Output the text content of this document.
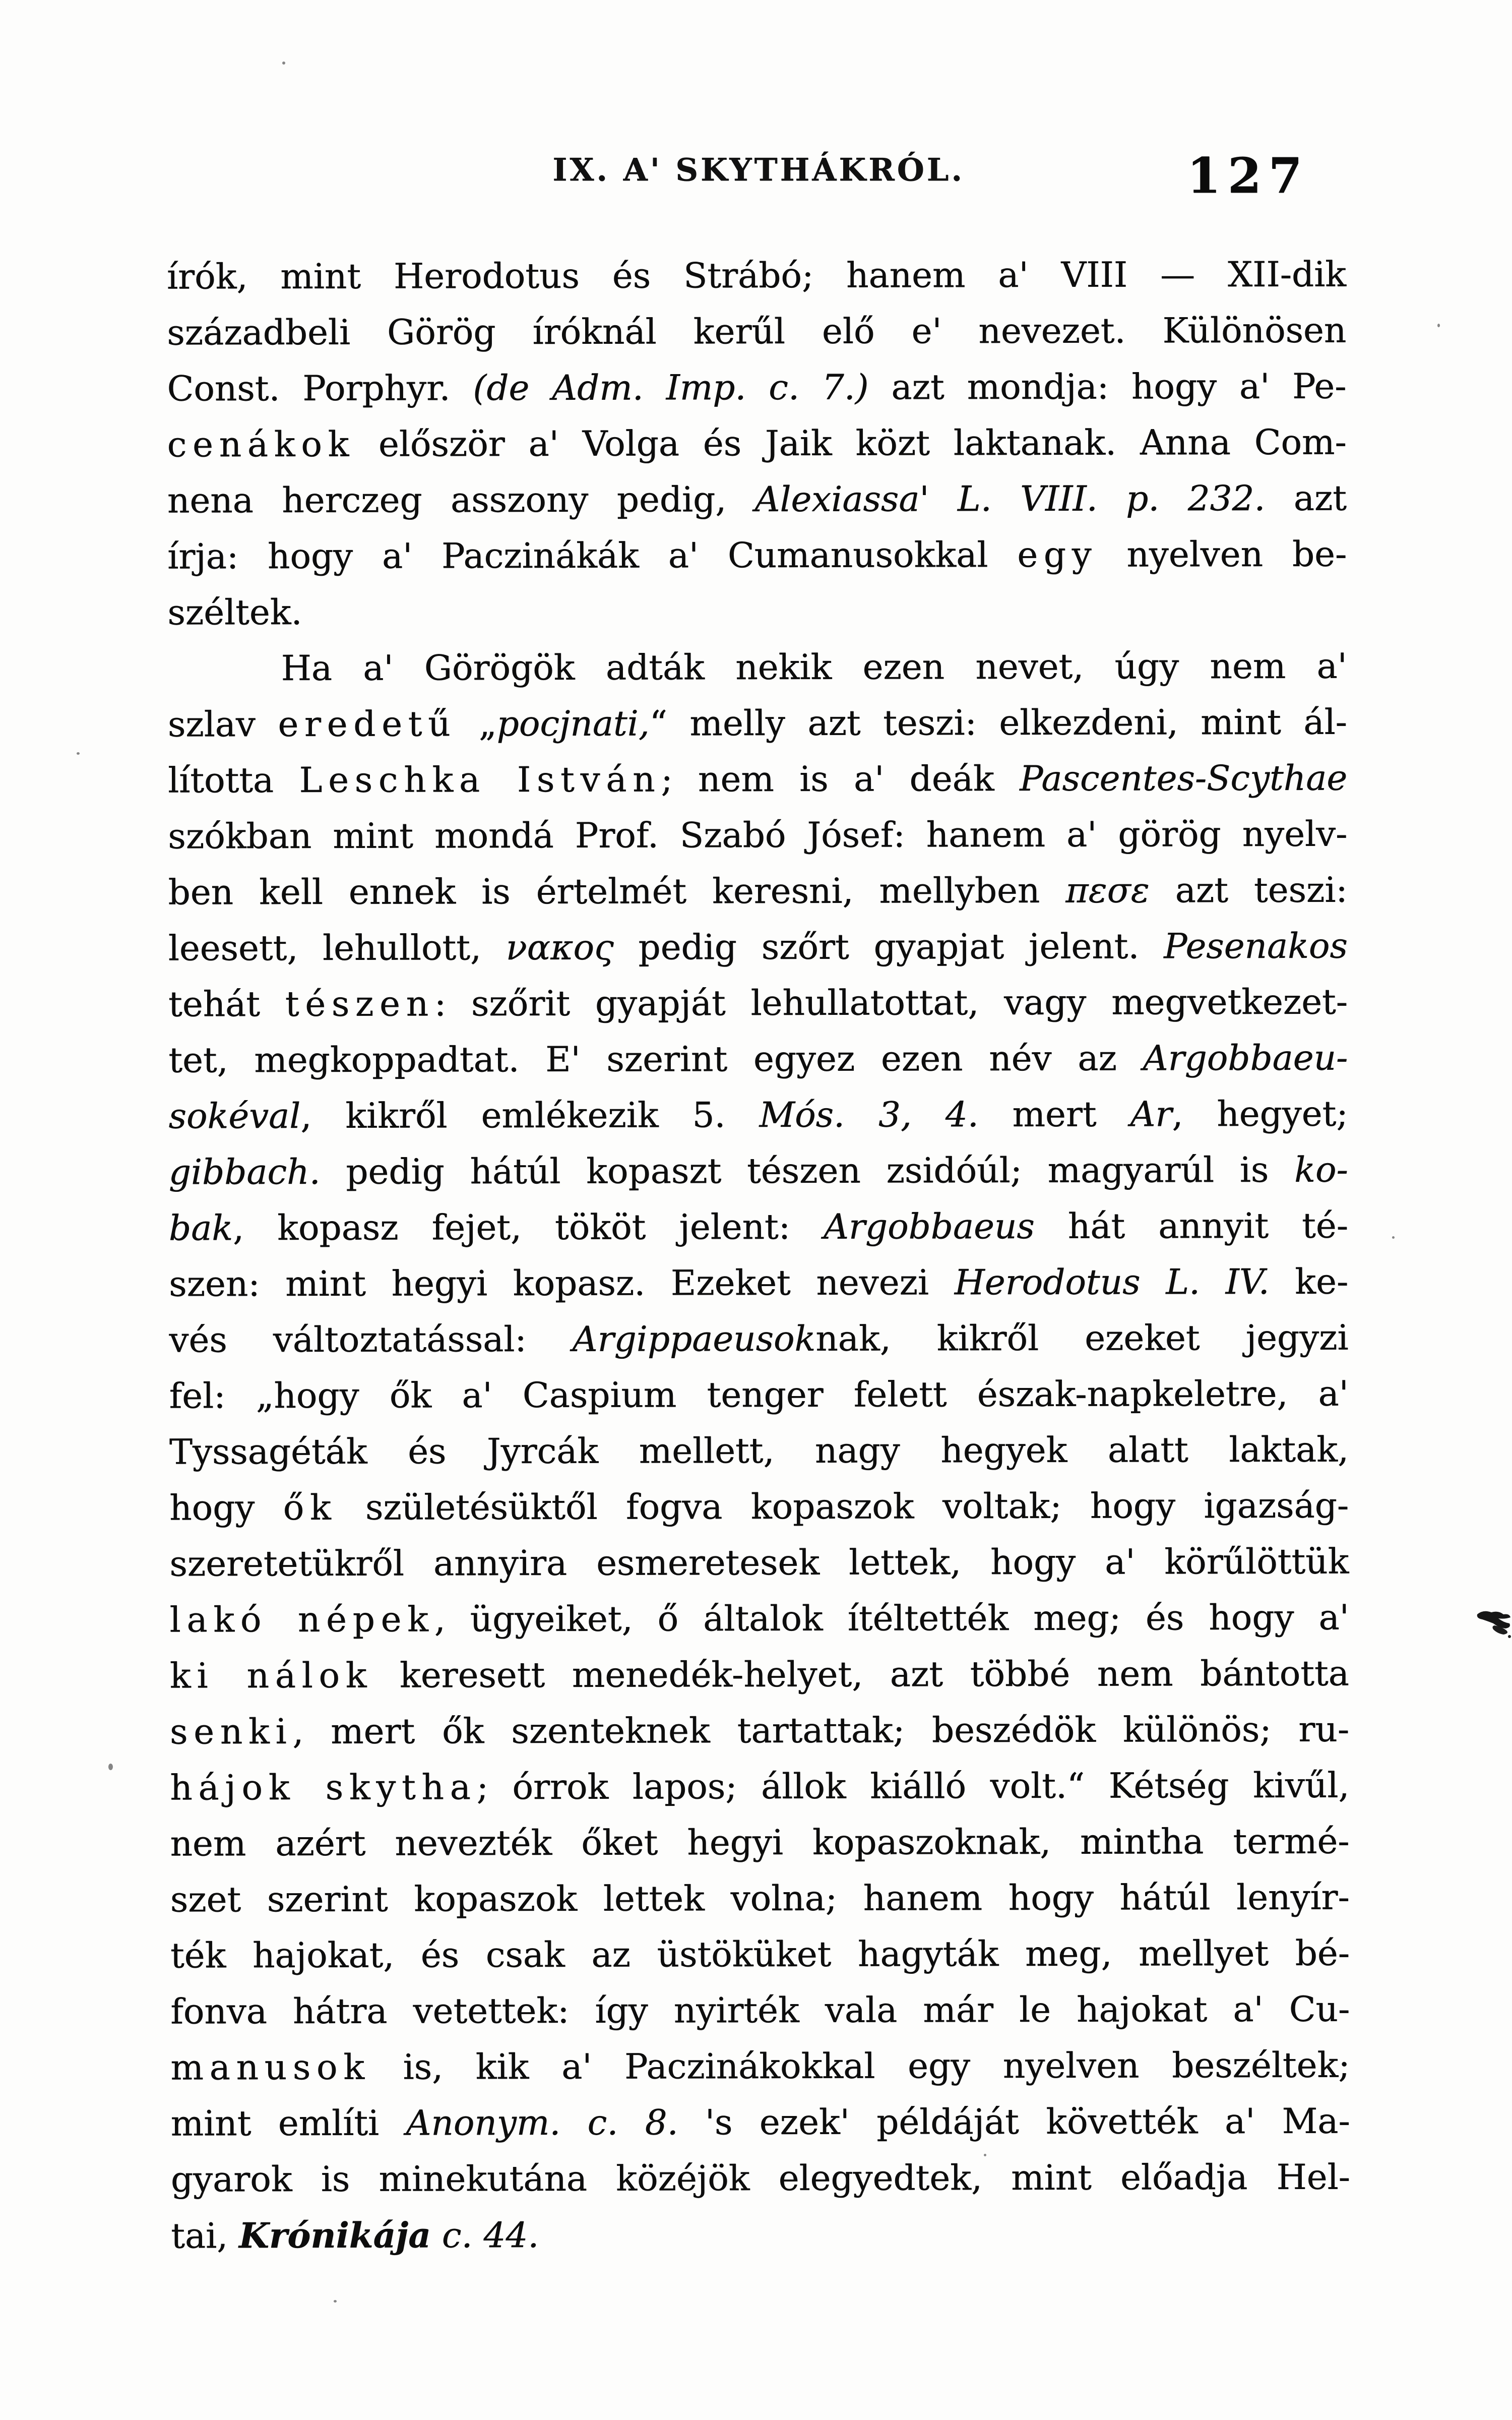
IX. A' SKYTHÁKRÓL.	127
írók, mint Herodotus és Strábó; hanem a' VIII — XII-dik
századbeli Görög íróknál kerűl elő e' nevezet. Különösen
Const. Porphyr. (de Adm. Imp. c. 7.) azt mondja: hogy a' Pe-
cenákok először a' Volga és Jaik közt laktanak. Anna Com-
nena herczeg asszony pedig, Alexiassa' L. VIII. p. 232. azt
írja: hogy a' Paczinákák a' Cumanusokkal egy nyelven be-
széltek.
Ha a' Görögök adták nekik ezen nevet, úgy nem a'
szlav eredetű „pocjnati,“ melly azt teszi: elkezdeni, mint ál-
lította Leschka István; nem is a' deák Pascentes-Scythae
szókban mint mondá Prof. Szabó Jósef: hanem a' görög nyelv-
ben kell ennek is értelmét keresni, mellyben πεσε azt teszi:
leesett, lehullott, νακος pedig szőrt gyapjat jelent. Pesenakos
tehát tészen: szőrit gyapját lehullatottat, vagy megvetkezet-
tet, megkoppadtat. E' szerint egyez ezen név az Argobbaeu-
sokéval, kikről emlékezik 5. Mós. 3, 4. mert Ar, hegyet;
gibbach. pedig hátúl kopaszt tészen zsidóúl; magyarúl is ko-
bak, kopasz fejet, tököt jelent: Argobbaeus hát annyit té-
szen: mint hegyi kopasz. Ezeket nevezi Herodotus L. IV. ke-
vés változtatással: Argippaeusoknak, kikről ezeket jegyzi
fel: „hogy ők a' Caspium tenger felett észak-napkeletre, a'
Tyssagéták és Jyrcák mellett, nagy hegyek alatt laktak,
hogy ők születésüktől fogva kopaszok voltak; hogy igazság-
szeretetükről annyira esmeretesek lettek, hogy a' körűlöttük
lakó népek, ügyeiket, ő általok ítéltették meg; és hogy a'
ki nálok keresett menedék-helyet, azt többé nem bántotta
senki, mert ők szenteknek tartattak; beszédök különös; ru-
hájok skytha; órrok lapos; állok kiálló volt.“ Kétség kivűl,
nem azért nevezték őket hegyi kopaszoknak, mintha termé-
szet szerint kopaszok lettek volna; hanem hogy hátúl lenyír-
ték hajokat, és csak az üstöküket hagyták meg, mellyet bé-
fonva hátra vetettek: így nyirték vala már le hajokat a' Cu-
manusok is, kik a' Paczinákokkal egy nyelven beszéltek;
mint említi Anonym. c. 8. 's ezek' példáját követték a' Ma-
gyarok is minekutána közéjök elegyedtek, mint előadja Hel-
tai, Krónikája c. 44.
